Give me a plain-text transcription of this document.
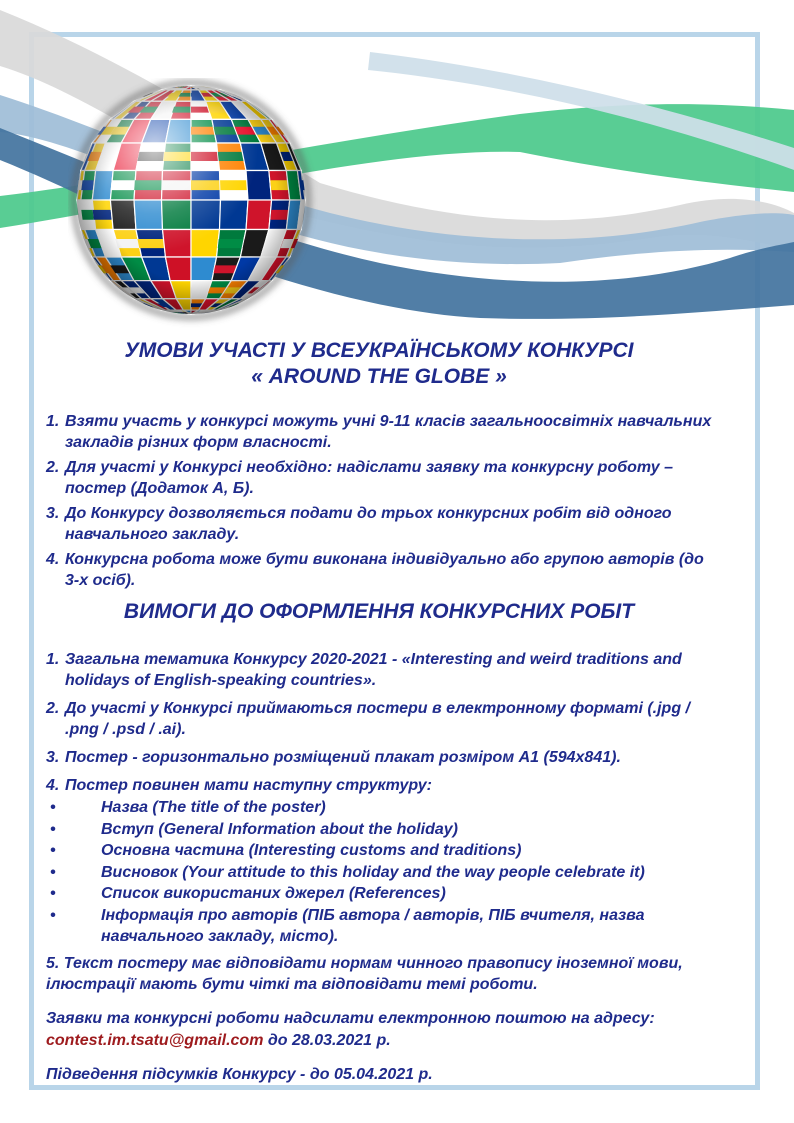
УМОВИ УЧАСТІ У ВСЕУКРАЇНСЬКОМУ КОНКУРСІ
« AROUND THE GLOBE »
1. Взяти участь у конкурсі можуть учні 9-11 класів загальноосвітніх навчальних закладів різних форм власності.
2. Для участі у Конкурсі необхідно: надіслати заявку та конкурсну роботу – постер (Додаток А, Б).
3. До Конкурсу дозволяється подати до трьох конкурсних робіт від одного навчального закладу.
4. Конкурсна робота може бути виконана індивідуально або групою авторів (до 3-х осіб).
ВИМОГИ ДО ОФОРМЛЕННЯ КОНКУРСНИХ РОБІТ
1. Загальна тематика Конкурсу 2020-2021 - «Interesting and weird traditions and holidays of English-speaking countries».
2. До участі у Конкурсі приймаються постери в електронному форматі (.jpg / .png / .psd / .ai).
3. Постер - горизонтально розміщений плакат розміром А1 (594х841).
4. Постер повинен мати наступну структуру:
•	Назва (The title of the poster)
•	Вступ (General Information about the holiday)
•	Основна частина (Interesting customs and traditions)
•	Висновок (Your attitude to this holiday and the way people celebrate it)
•	Список використаних джерел (References)
•	Інформація про авторів (ПІБ автора / авторів, ПІБ вчителя, назва навчального закладу, місто).

5. Текст постеру має відповідати нормам чинного правопису іноземної мови, ілюстрації мають бути чіткі та відповідати темі роботи.

Заявки та конкурсні роботи надсилати електронною поштою на адресу:

contest.im.tsatu@gmail.com до 28.03.2021 р.

Підведення підсумків Конкурсу - до 05.04.2021 р.
